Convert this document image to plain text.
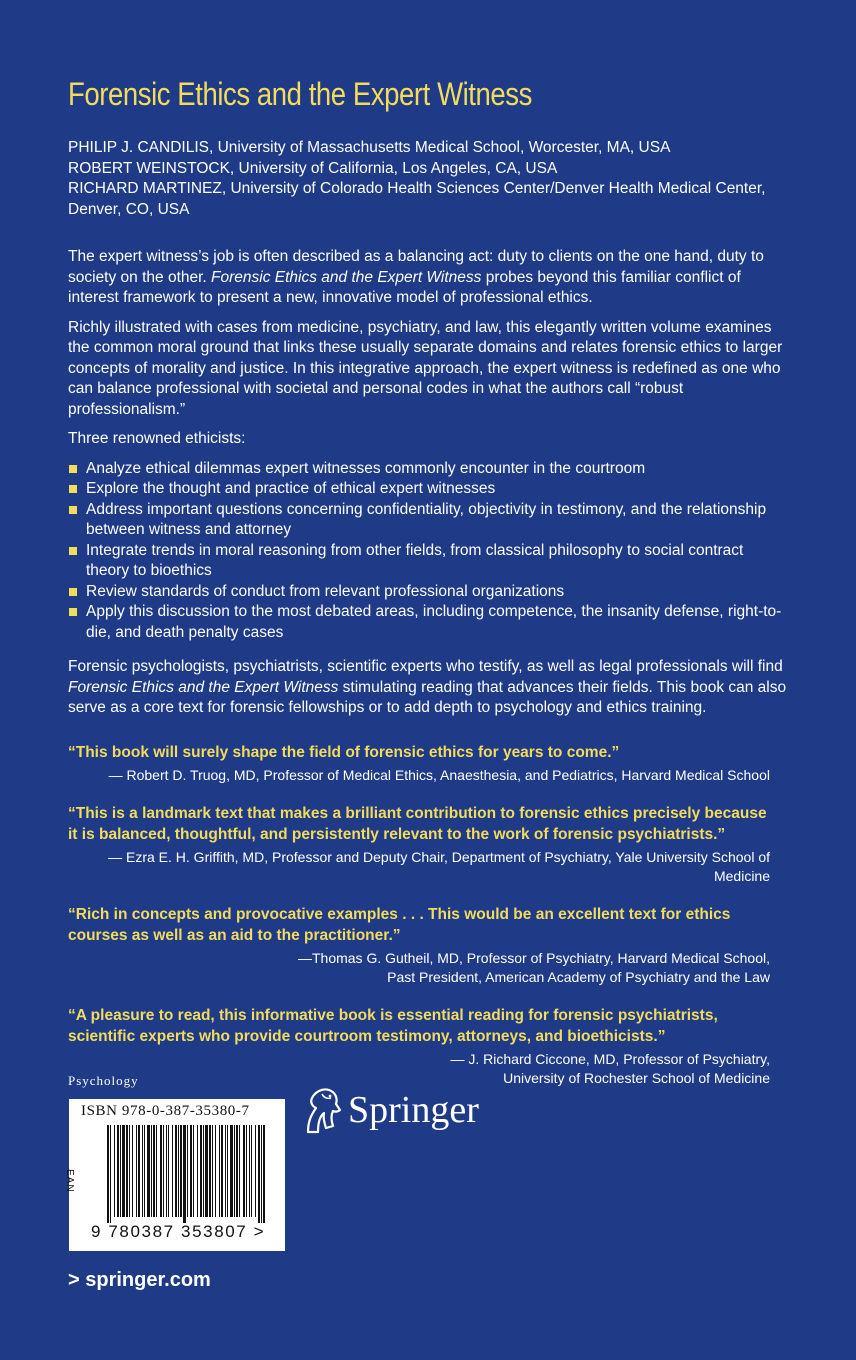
Forensic Ethics and the Expert Witness
PHILIP J. CANDILIS, University of Massachusetts Medical School, Worcester, MA, USA
ROBERT WEINSTOCK, University of California, Los Angeles, CA, USA
RICHARD MARTINEZ, University of Colorado Health Sciences Center/Denver Health Medical Center,
Denver, CO, USA

The expert witness’s job is often described as a balancing act: duty to clients on the one hand, duty to society on the other. Forensic Ethics and the Expert Witness probes beyond this familiar conflict of interest framework to present a new, innovative model of professional ethics.

Richly illustrated with cases from medicine, psychiatry, and law, this elegantly written volume examines the common moral ground that links these usually separate domains and relates forensic ethics to larger concepts of morality and justice. In this integrative approach, the expert witness is redefined as one who can balance professional with societal and personal codes in what the authors call “robust professionalism.”

Three renowned ethicists:

Analyze ethical dilemmas expert witnesses commonly encounter in the courtroom
Explore the thought and practice of ethical expert witnesses
Address important questions concerning confidentiality, objectivity in testimony, and the relationship between witness and attorney
Integrate trends in moral reasoning from other fields, from classical philosophy to social contract theory to bioethics
Review standards of conduct from relevant professional organizations
Apply this discussion to the most debated areas, including competence, the insanity defense, right-to-die, and death penalty cases

Forensic psychologists, psychiatrists, scientific experts who testify, as well as legal professionals will find Forensic Ethics and the Expert Witness stimulating reading that advances their fields. This book can also serve as a core text for forensic fellowships or to add depth to psychology and ethics training.

“This book will surely shape the field of forensic ethics for years to come.”
— Robert D. Truog, MD, Professor of Medical Ethics, Anaesthesia, and Pediatrics, Harvard Medical School
“This is a landmark text that makes a brilliant contribution to forensic ethics precisely because it is balanced, thoughtful, and persistently relevant to the work of forensic psychiatrists.”
— Ezra E. H. Griffith, MD, Professor and Deputy Chair, Department of Psychiatry, Yale University School of Medicine
“Rich in concepts and provocative examples . . . This would be an excellent text for ethics courses as well as an aid to the practitioner.”
—Thomas G. Gutheil, MD, Professor of Psychiatry, Harvard Medical School,
Past President, American Academy of Psychiatry and the Law
“A pleasure to read, this informative book is essential reading for forensic psychiatrists, scientific experts who provide courtroom testimony, attorneys, and bioethicists.”
— J. Richard Ciccone, MD, Professor of Psychiatry,
University of Rochester School of Medicine
Psychology
ISBN 978-0-387-35380-7
EAN
9 780387 353807 >
Springer
> springer.com
